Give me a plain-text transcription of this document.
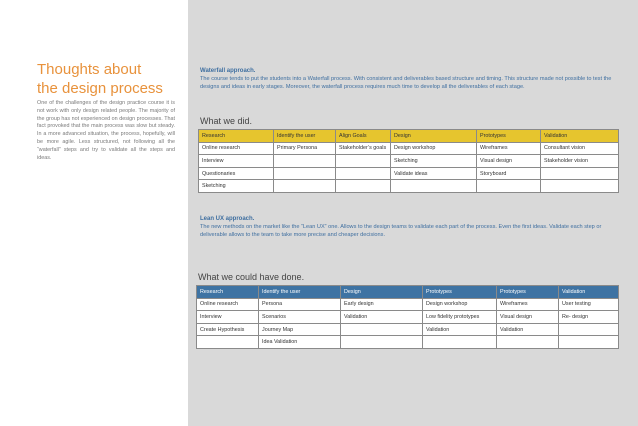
Thoughts about
the design process
One of the challenges of the design practice course it is not work with only design related people. The majority of the group has not experienced on design processes. That fact provoked that the main process was slow but steady. In a more advanced situation, the process, hopefully, will be more agile. Less structured, not following all the “waterfall” steps and try to validate all the steps and ideas.
Waterfall approach.
The course tends to put the students into a Waterfall process. With consistent and deliverables based structure and timing. This structure made not possible to test the designs and ideas in early stages. Moreover, the waterfall process requires much time to develop all the deliverables of each stage.
What we did.
Research	Identify the user	Align Goals	Design	Prototypes	Validation
Online research	Primary Persona	Stakeholder’s goals	Design workshop	Wireframes	Consultant vision
Interview			Sketching	Visual design	Stakeholder vision
Questionaries			Validate ideas	Storyboard	
Sketching					
Lean UX approach.
The new methods on the market like the “Lean UX” one. Allows to the design teams to validate each part of the process. Even the first ideas. Validate each step or deliverable allows to the team to take more precise and cheaper decisions.
What we could have done.
Research	Identify the user	Design	Prototypes	Prototypes	Validation
Online research	Persona	Early design	Design workshop	Wireframes	User testing
Interview	Scenarios	Validation	Low fidelity prototypes	Visual design	Re- design
Create Hypothesis	Journey Map		Validation	Validation	
	Idea Validation				
